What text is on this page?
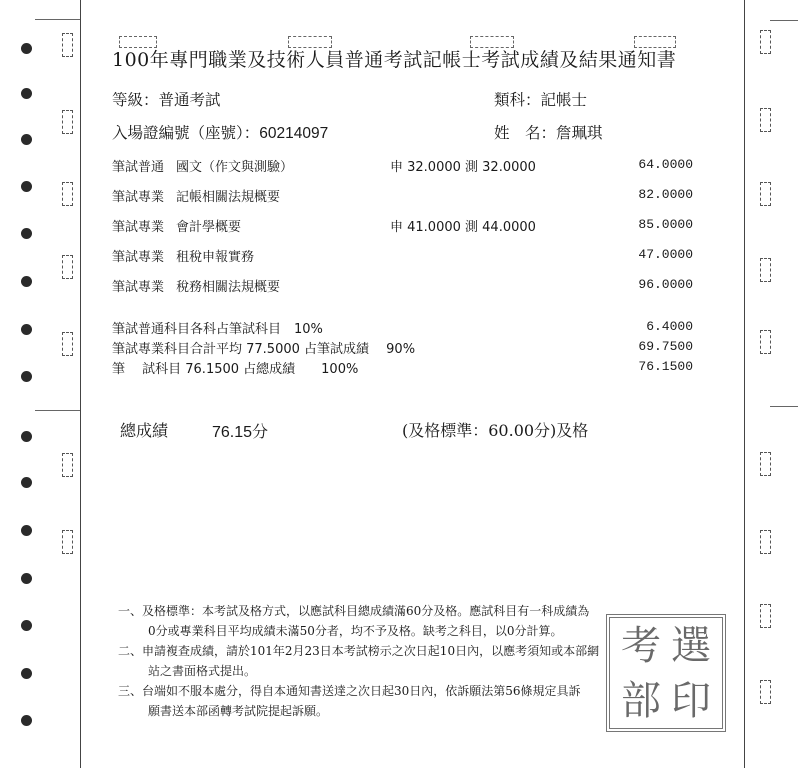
100年專門職業及技術人員普通考試記帳士考試成績及結果通知書
等級：普通考試	類科：記帳士
入場證編號（座號）：60214097	姓　名：詹珮琪
筆試普通 國文（作文與測驗）	申 32.0000 測 32.0000	64.0000
筆試專業 記帳相關法規概要	82.0000
筆試專業 會計學概要	申 41.0000 測 44.0000	85.0000
筆試專業 租稅申報實務	47.0000
筆試專業 稅務相關法規概要	96.0000
筆試普通科目各科占筆試科目　10%	6.4000
筆試專業科目合計平均 77.5000 占筆試成績　 90%	69.7500
筆　 試科目 76.1500 占總成績　　100%	76.1500
總成績	76.15分	(及格標準：60.00分)及格
一、及格標準：本考試及格方式，以應試科目總成績滿60分及格。應試科目有一科成績為
0分或專業科目平均成績未滿50分者，均不予及格。缺考之科目，以0分計算。
二、申請複查成績，請於101年2月23日本考試榜示之次日起10日內，以應考須知或本部網
站之書面格式提出。
三、台端如不服本處分，得自本通知書送達之次日起30日內，依訴願法第56條規定具訴
願書送本部函轉考試院提起訴願。
考 選
部 印
